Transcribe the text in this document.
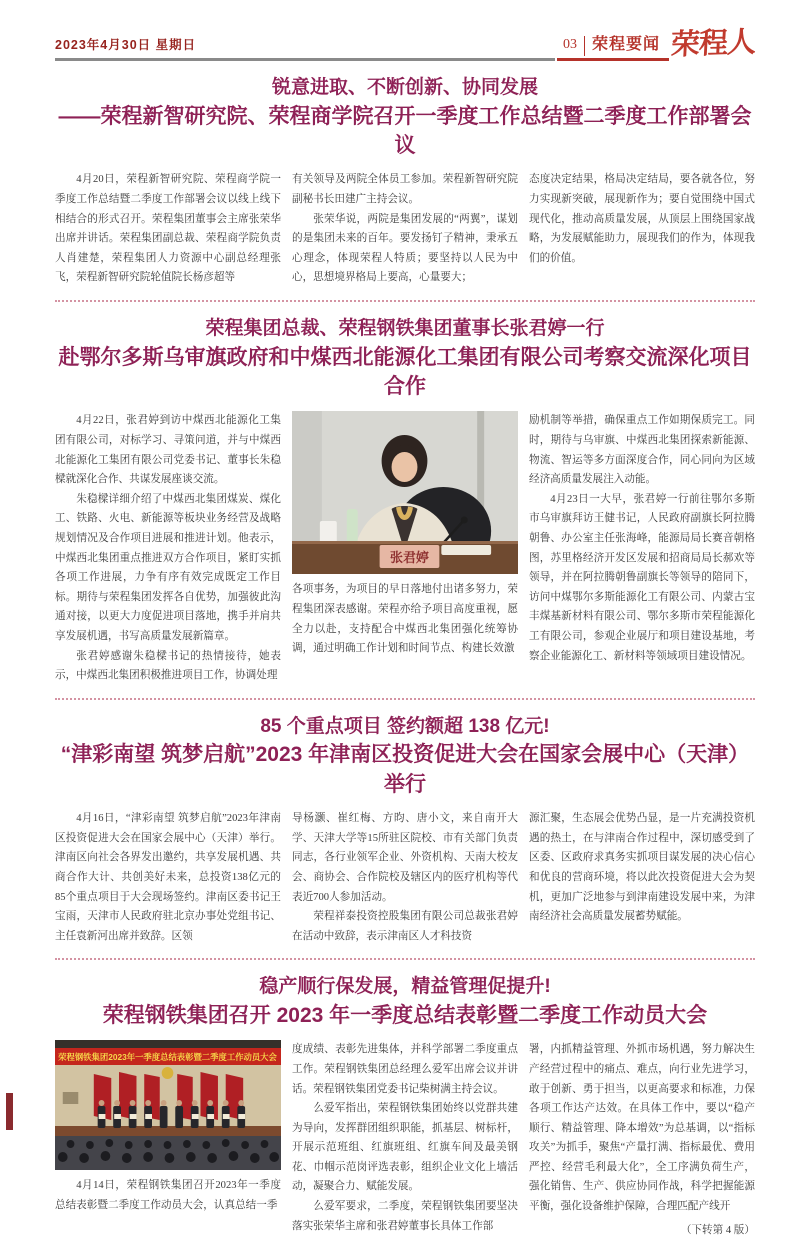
2023年4月30日 星期日	03 荣程要闻 荣程人

锐意进取、不断创新、协同发展

——荣程新智研究院、荣程商学院召开一季度工作总结暨二季度工作部署会议

4月20日，荣程新智研究院、荣程商学院一季度工作总结暨二季度工作部署会议以线上线下相结合的形式召开。荣程集团董事会主席张荣华出席并讲话。荣程集团副总裁、荣程商学院负责人肖建楚，荣程集团人力资源中心副总经理张飞，荣程新智研究院轮值院长杨彦超等

有关领导及两院全体员工参加。荣程新智研究院副秘书长田建广主持会议。

张荣华说，两院是集团发展的“两翼”，谋划的是集团未来的百年。要发扬钉子精神，秉承五心理念，体现荣程人特质；要坚持以人民为中心，思想境界格局上要高，心量要大；

态度决定结果，格局决定结局，要各就各位，努力实现新突破，展现新作为；要自觉围绕中国式现代化，推动高质量发展，从顶层上围绕国家战略，为发展赋能助力，展现我们的作为，体现我们的价值。

荣程集团总裁、荣程钢铁集团董事长张君婷一行

赴鄂尔多斯乌审旗政府和中煤西北能源化工集团有限公司考察交流深化项目合作

4月22日，张君婷到访中煤西北能源化工集团有限公司，对标学习、寻策问道，并与中煤西北能源化工集团有限公司党委书记、董事长朱稳樑就深化合作、共谋发展座谈交流。

朱稳樑详细介绍了中煤西北集团煤炭、煤化工、铁路、火电、新能源等板块业务经营及战略规划情况及合作项目进展和推进计划。他表示，中煤西北集团重点推进双方合作项目，紧盯实抓各项工作进展，力争有序有效完成既定工作目标。期待与荣程集团发挥各自优势，加强彼此沟通对接，以更大力度促进项目落地，携手并肩共享发展机遇，书写高质量发展新篇章。

张君婷感谢朱稳樑书记的热情接待，她表示，中煤西北集团积极推进项目工作，协调处理

张君婷

各项事务，为项目的早日落地付出诸多努力，荣程集团深表感谢。荣程亦给予项目高度重视，愿全力以赴，支持配合中煤西北集团强化统筹协调，通过明确工作计划和时间节点、构建长效激

励机制等举措，确保重点工作如期保质完工。同时，期待与乌审旗、中煤西北集团探索新能源、物流、智运等多方面深度合作，同心同向为区域经济高质量发展注入动能。

4月23日一大早，张君婷一行前往鄂尔多斯市乌审旗拜访王健书记，人民政府副旗长阿拉腾朝鲁、办公室主任张海峰，能源局局长赛音朝格图，苏里格经济开发区发展和招商局局长郝欢等领导，并在阿拉腾朝鲁副旗长等领导的陪同下，访问中煤鄂尔多斯能源化工有限公司、内蒙古宝丰煤基新材料有限公司、鄂尔多斯市荣程能源化工有限公司，参观企业展厅和项目建设基地，考察企业能源化工、新材料等领域项目建设情况。

85 个重点项目 签约额超 138 亿元!

“津彩南望 筑梦启航”2023 年津南区投资促进大会在国家会展中心（天津）举行

4月16日，“津彩南望 筑梦启航”2023年津南区投资促进大会在国家会展中心（天津）举行。津南区向社会各界发出邀约，共享发展机遇、共商合作大计、共创美好未来，总投资138亿元的85个重点项目于大会现场签约。津南区委书记王宝雨，天津市人民政府驻北京办事处党组书记、主任袁新河出席并致辞。区领

导杨灏、崔红梅、方昀、唐小文，来自南开大学、天津大学等15所驻区院校、市有关部门负责同志，各行业领军企业、外资机构、天南大校友会、商协会、合作院校及辖区内的医疗机构等代表近700人参加活动。

荣程祥泰投资控股集团有限公司总裁张君婷在活动中致辞，表示津南区人才科技资

源汇聚，生态展会优势凸显，是一片充满投资机遇的热土，在与津南合作过程中，深切感受到了区委、区政府求真务实抓项目谋发展的决心信心和优良的营商环境，将以此次投资促进大会为契机，更加广泛地参与到津南建设发展中来，为津南经济社会高质量发展蓄势赋能。

稳产顺行保发展，精益管理促提升!

荣程钢铁集团召开 2023 年一季度总结表彰暨二季度工作动员大会

荣程钢铁集团2023年一季度总结表彰暨二季度工作动员大会

4月14日，荣程钢铁集团召开2023年一季度总结表彰暨二季度工作动员大会，认真总结一季

度成绩、表彰先进集体，并科学部署二季度重点工作。荣程钢铁集团总经理么爱军出席会议并讲话。荣程钢铁集团党委书记柴树满主持会议。

么爱军指出，荣程钢铁集团始终以党群共建为导向，发挥群团组织职能，抓基层、树标杆，开展示范班组、红旗班组、红旗车间及最美钢花、巾帼示范岗评选表彰，组织企业文化上墙活动，凝聚合力、赋能发展。

么爱军要求，二季度，荣程钢铁集团要坚决落实张荣华主席和张君婷董事长具体工作部

署，内抓精益管理、外抓市场机遇，努力解决生产经营过程中的痛点、难点，向行业先进学习，敢于创新、勇于担当，以更高要求和标准，力保各项工作达产达效。在具体工作中，要以“稳产顺行、精益管理、降本增效”为总基调，以“指标攻关”为抓手，聚焦“产量打满、指标最优、费用严控、经营毛利最大化”，全工序满负荷生产，强化销售、生产、供应协同作战，科学把握能源平衡，强化设备维护保障，合理匹配产线开

（下转第 4 版）
